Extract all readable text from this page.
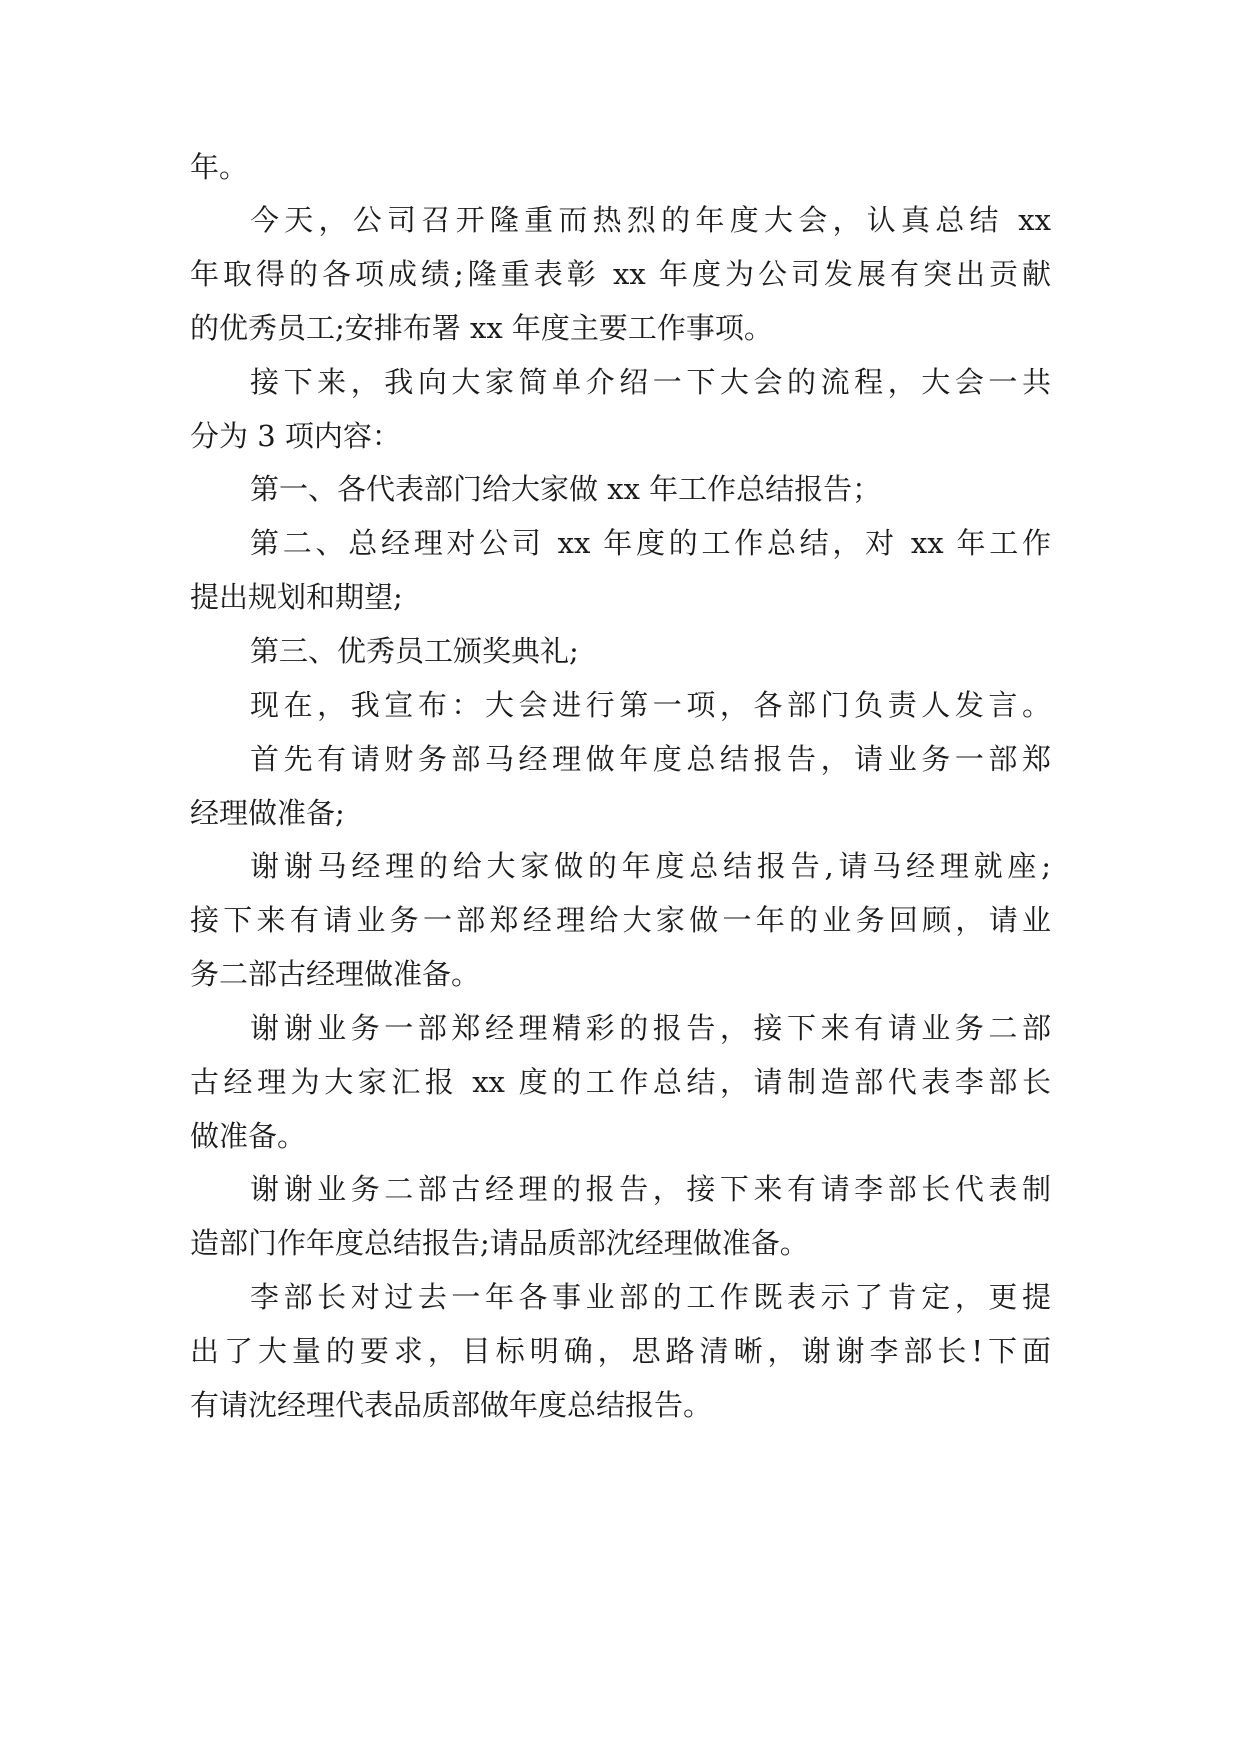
年。
今天，公司召开隆重而热烈的年度大会，认真总结 xx
年取得的各项成绩;隆重表彰 xx 年度为公司发展有突出贡献
的优秀员工;安排布署 xx 年度主要工作事项。
接下来，我向大家简单介绍一下大会的流程，大会一共
分为 3 项内容：
第一、各代表部门给大家做 xx 年工作总结报告；
第二、总经理对公司 xx 年度的工作总结，对 xx 年工作
提出规划和期望;
第三、优秀员工颁奖典礼;
现在，我宣布：大会进行第一项，各部门负责人发言。
首先有请财务部马经理做年度总结报告，请业务一部郑
经理做准备;
谢谢马经理的给大家做的年度总结报告,请马经理就座;
接下来有请业务一部郑经理给大家做一年的业务回顾，请业
务二部古经理做准备。
谢谢业务一部郑经理精彩的报告，接下来有请业务二部
古经理为大家汇报 xx 度的工作总结，请制造部代表李部长
做准备。
谢谢业务二部古经理的报告，接下来有请李部长代表制
造部门作年度总结报告;请品质部沈经理做准备。
李部长对过去一年各事业部的工作既表示了肯定，更提
出了大量的要求，目标明确，思路清晰，谢谢李部长!下面
有请沈经理代表品质部做年度总结报告。
